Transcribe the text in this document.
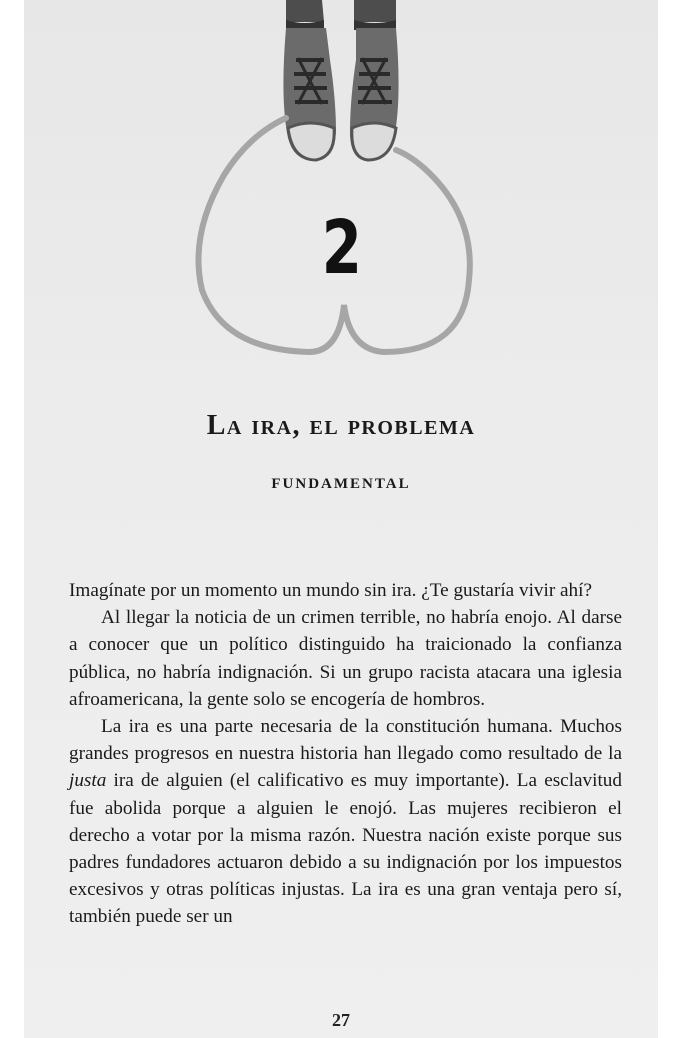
2
La ira, el problema
fundamental

Imagínate por un momento un mundo sin ira. ¿Te gustaría vivir ahí?

Al llegar la noticia de un crimen terrible, no habría enojo. Al darse a conocer que un político distinguido ha traicionado la confianza pública, no habría indignación. Si un grupo racista atacara una iglesia afroamericana, la gente solo se encogería de hombros.

La ira es una parte necesaria de la constitución humana. Muchos grandes progresos en nuestra historia han llegado como resultado de la justa ira de alguien (el calificativo es muy importante). La esclavitud fue abolida porque a alguien le enojó. Las mujeres recibieron el derecho a votar por la misma razón. Nuestra nación existe porque sus padres fundadores actuaron debido a su indignación por los impuestos excesivos y otras políticas injustas. La ira es una gran ventaja pero sí, también puede ser un

27
